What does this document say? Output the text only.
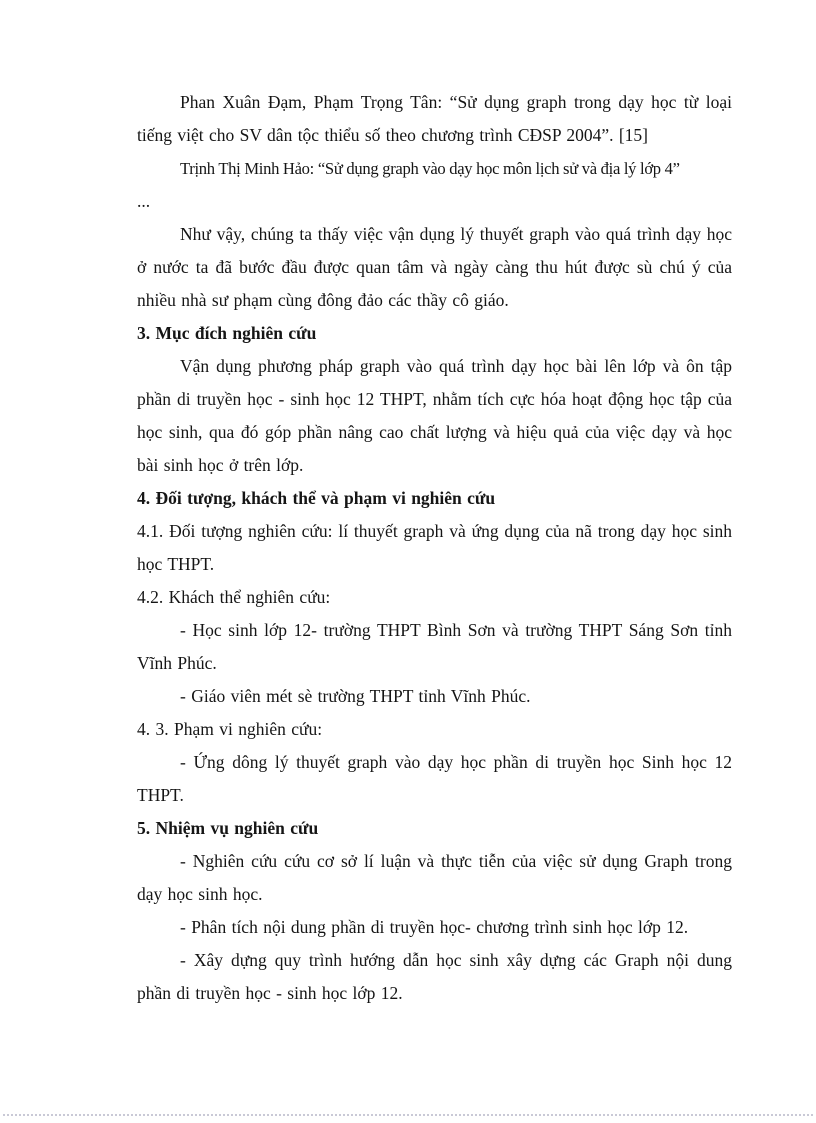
Phan Xuân Đạm, Phạm Trọng Tân: “Sử dụng graph trong dạy học từ loại tiếng việt cho SV dân tộc thiểu số theo chương trình CĐSP 2004”. [15]

Trịnh Thị Minh Hảo: “Sử dụng graph vào dạy học môn lịch sử và địa lý lớp 4”

...

Như vậy, chúng ta thấy việc vận dụng lý thuyết graph vào quá trình dạy học ở nước ta đã bước đầu được quan tâm và ngày càng thu hút được sù chú ý của nhiều nhà sư phạm cùng đông đảo các thầy cô giáo.

3. Mục đích nghiên cứu

Vận dụng phương pháp graph vào quá trình dạy học bài lên lớp và ôn tập phần di truyền học - sinh học 12 THPT, nhằm tích cực hóa hoạt động học tập của học sinh, qua đó góp phần nâng cao chất lượng và hiệu quả của việc dạy và học bài sinh học ở trên lớp.

4. Đối tượng, khách thể và phạm vi nghiên cứu

4.1. Đối tượng nghiên cứu: lí thuyết graph và ứng dụng của nã trong dạy học sinh học THPT.

4.2. Khách thể nghiên cứu:

- Học sinh lớp 12- trường THPT Bình Sơn và trường THPT Sáng Sơn tỉnh Vĩnh Phúc.

- Giáo viên mét sè trường THPT tỉnh Vĩnh Phúc.

4. 3. Phạm vi nghiên cứu:

- Ứng dông lý thuyết graph vào dạy học phần di truyền học Sinh học 12 THPT.

5. Nhiệm vụ nghiên cứu

- Nghiên cứu cứu cơ sở lí luận và thực tiễn của việc sử dụng Graph trong dạy học sinh học.

- Phân tích nội dung phần di truyền học- chương trình sinh học lớp 12.

- Xây dựng quy trình hướng dẫn học sinh xây dựng các Graph nội dung phần di truyền học - sinh học lớp 12.
